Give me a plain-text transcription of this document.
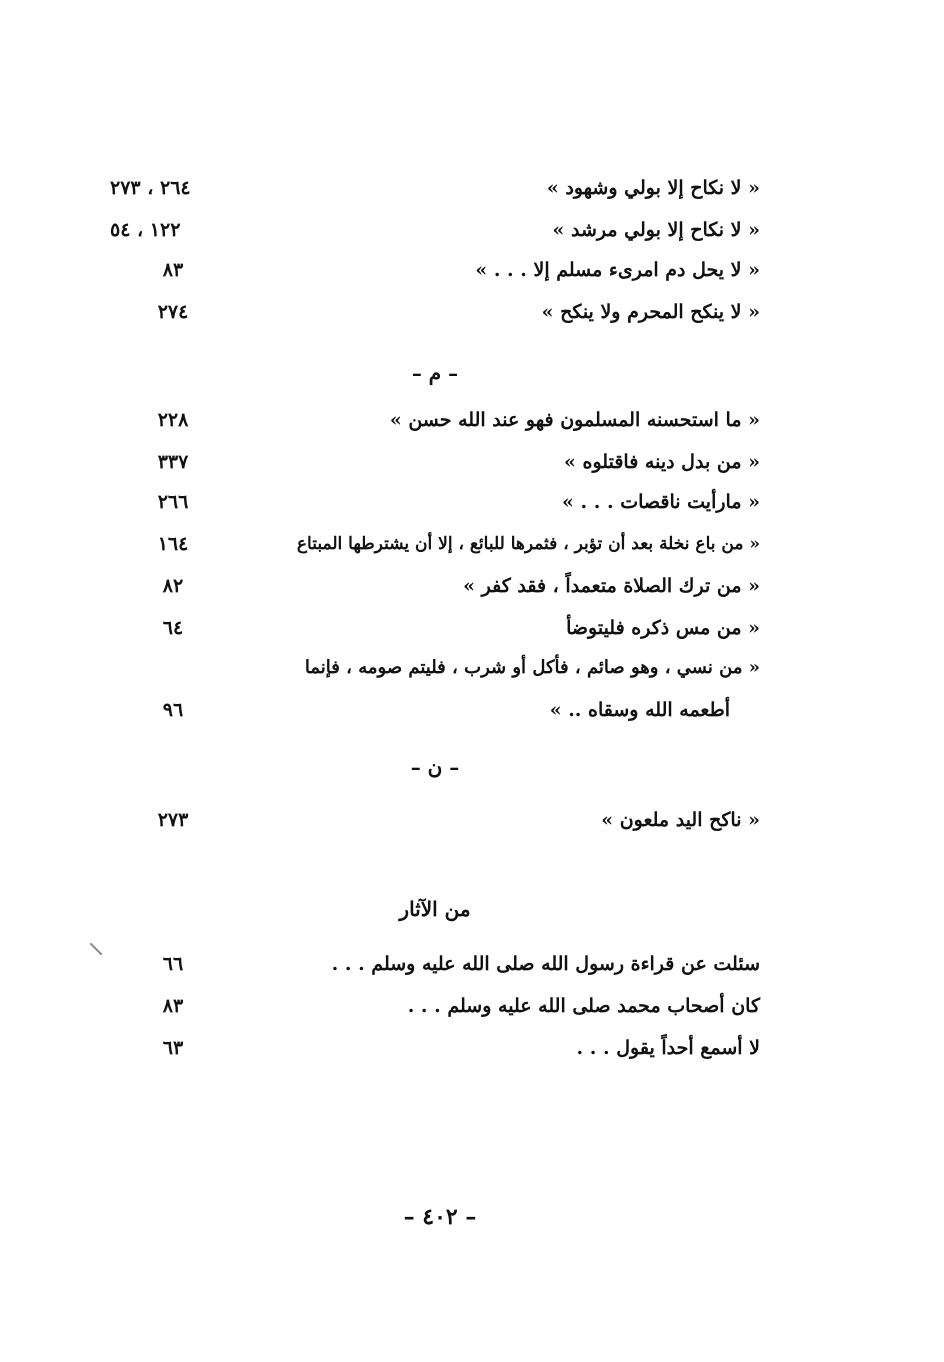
« لا نكاح إلا بولي وشهود »
٢٦٤ ، ٢٧٣
« لا نكاح إلا بولي مرشد »
١٢٢ ، ٥٤
« لا يحل دم امرىء مسلم إلا . . . »
٨٣
« لا ينكح المحرم ولا ينكح »
٢٧٤
– م –
« ما استحسنه المسلمون فهو عند الله حسن »
٢٢٨
« من بدل دينه فاقتلوه »
٣٣٧
« مارأيت ناقصات . . . »
٢٦٦
« من باع نخلة بعد أن تؤبر ، فثمرها للبائع ، إلا أن يشترطها المبتاع
١٦٤
« من ترك الصلاة متعمداً ، فقد كفر »
٨٢
« من مس ذكره فليتوضأ
٦٤
« من نسي ، وهو صائم ، فأكل أو شرب ، فليتم صومه ، فإنما
أطعمه الله وسقاه .. »
٩٦
– ن –
« ناكح اليد ملعون »
٢٧٣
من الآثار
سئلت عن قراءة رسول الله صلى الله عليه وسلم . . .
٦٦
كان أصحاب محمد صلى الله عليه وسلم . . .
٨٣
لا أسمع أحداً يقول . . .
٦٣
– ٤٠٢ –
